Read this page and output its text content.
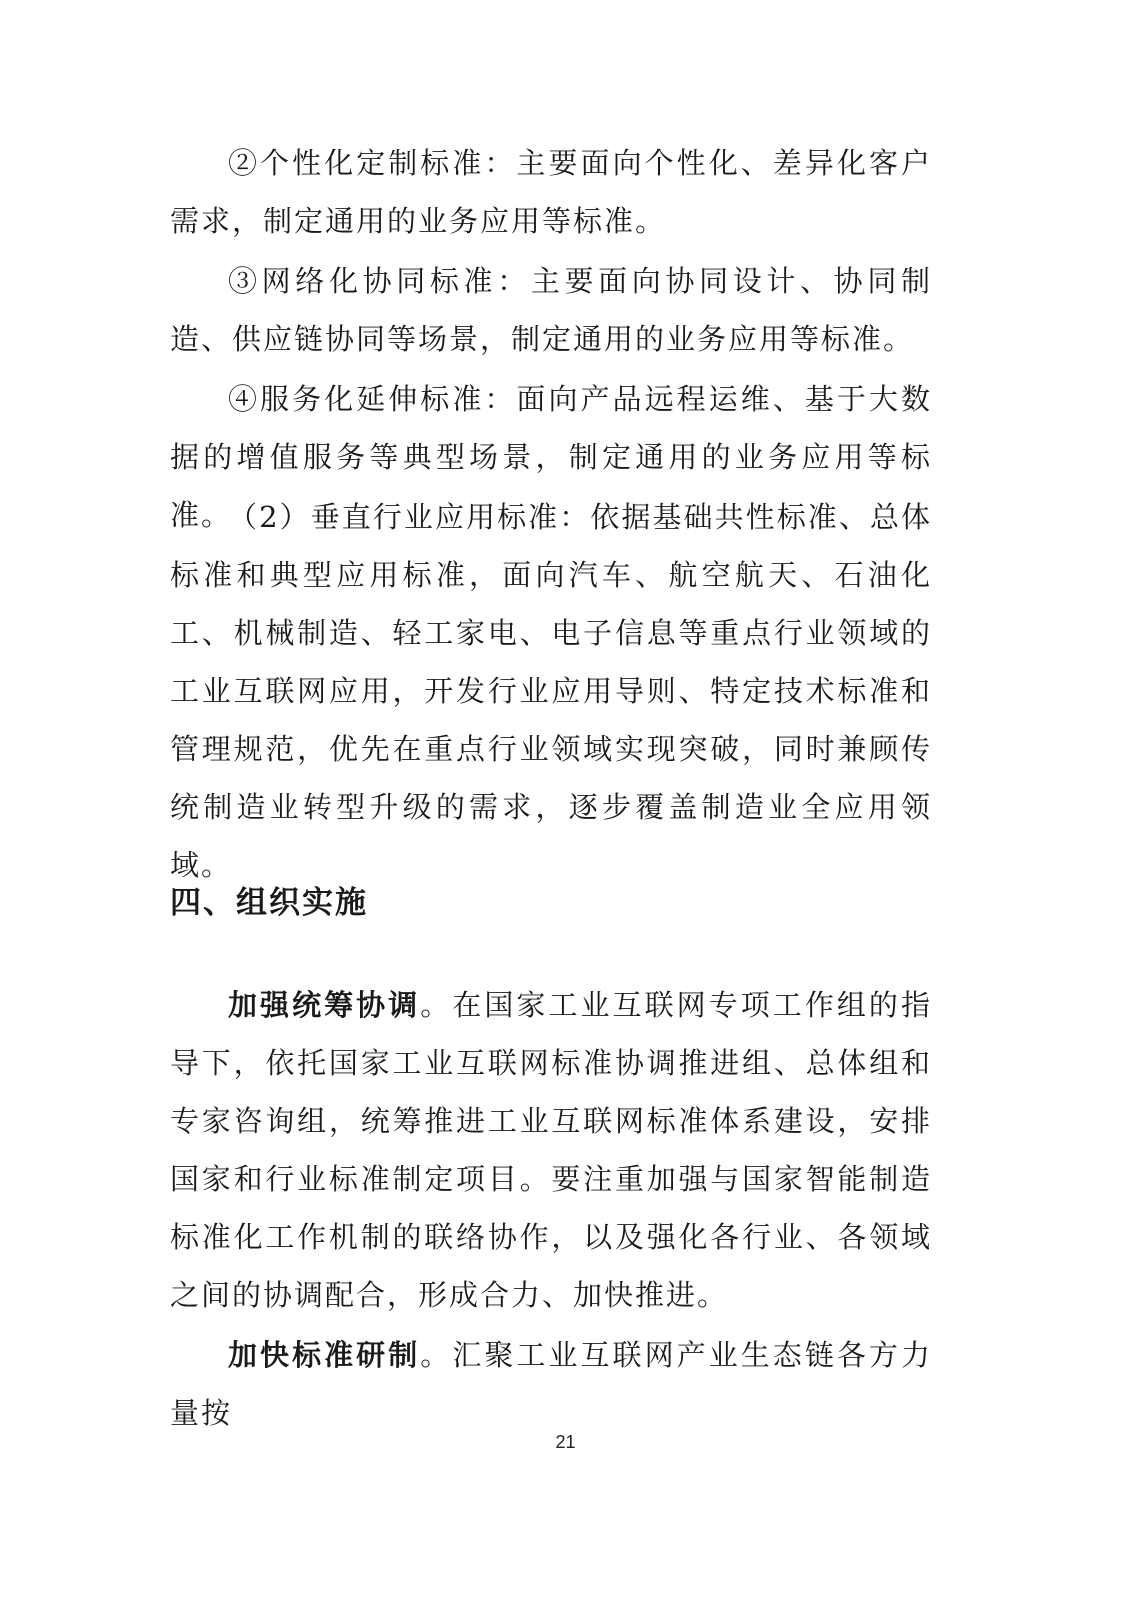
②个性化定制标准：主要面向个性化、差异化客户需求，制定通用的业务应用等标准。

③网络化协同标准：主要面向协同设计、协同制造、供应链协同等场景，制定通用的业务应用等标准。

④服务化延伸标准：面向产品远程运维、基于大数据的增值服务等典型场景，制定通用的业务应用等标准。

（2）垂直行业应用标准：依据基础共性标准、总体标准和典型应用标准，面向汽车、航空航天、石油化工、机械制造、轻工家电、电子信息等重点行业领域的工业互联网应用，开发行业应用导则、特定技术标准和管理规范，优先在重点行业领域实现突破，同时兼顾传统制造业转型升级的需求，逐步覆盖制造业全应用领域。

四、组织实施

加强统筹协调。在国家工业互联网专项工作组的指导下，依托国家工业互联网标准协调推进组、总体组和专家咨询组，统筹推进工业互联网标准体系建设，安排国家和行业标准制定项目。要注重加强与国家智能制造标准化工作机制的联络协作，以及强化各行业、各领域之间的协调配合，形成合力、加快推进。

加快标准研制。汇聚工业互联网产业生态链各方力量按

21
